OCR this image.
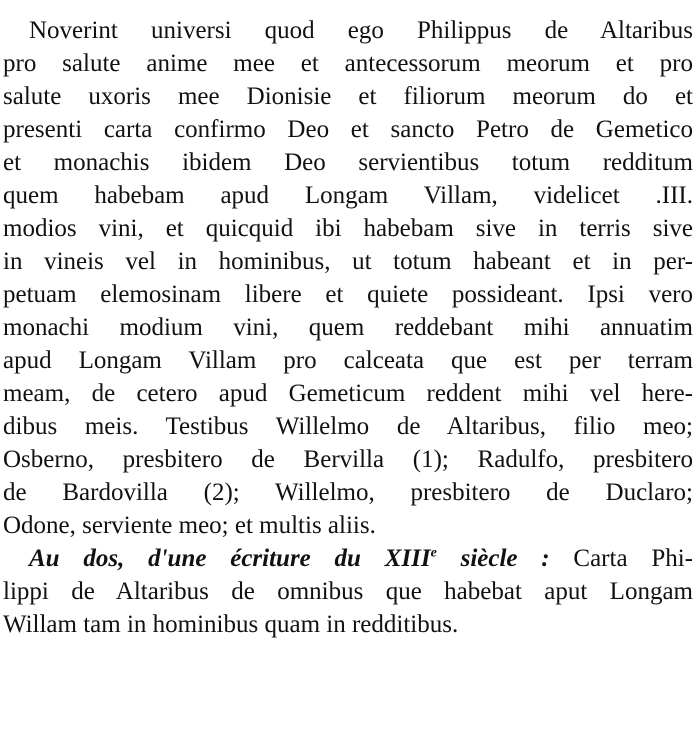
Noverint universi quod ego Philippus de Altaribus
pro salute anime mee et antecessorum meorum et pro
salute uxoris mee Dionisie et filiorum meorum do et
presenti carta confirmo Deo et sancto Petro de Gemetico
et monachis ibidem Deo servientibus totum redditum
quem habebam apud Longam Villam, videlicet .III.
modios vini, et quicquid ibi habebam sive in terris sive
in vineis vel in hominibus, ut totum habeant et in per-
petuam elemosinam libere et quiete possideant. Ipsi vero
monachi modium vini, quem reddebant mihi annuatim
apud Longam Villam pro calceata que est per terram
meam, de cetero apud Gemeticum reddent mihi vel here-
dibus meis. Testibus Willelmo de Altaribus, filio meo;
Osberno, presbitero de Bervilla (1); Radulfo, presbitero
de Bardovilla (2); Willelmo, presbitero de Duclaro;
Odone, serviente meo; et multis aliis.
Au dos, d'une écriture du XIIIe siècle : Carta Phi-
lippi de Altaribus de omnibus que habebat aput Longam
Willam tam in hominibus quam in redditibus.
